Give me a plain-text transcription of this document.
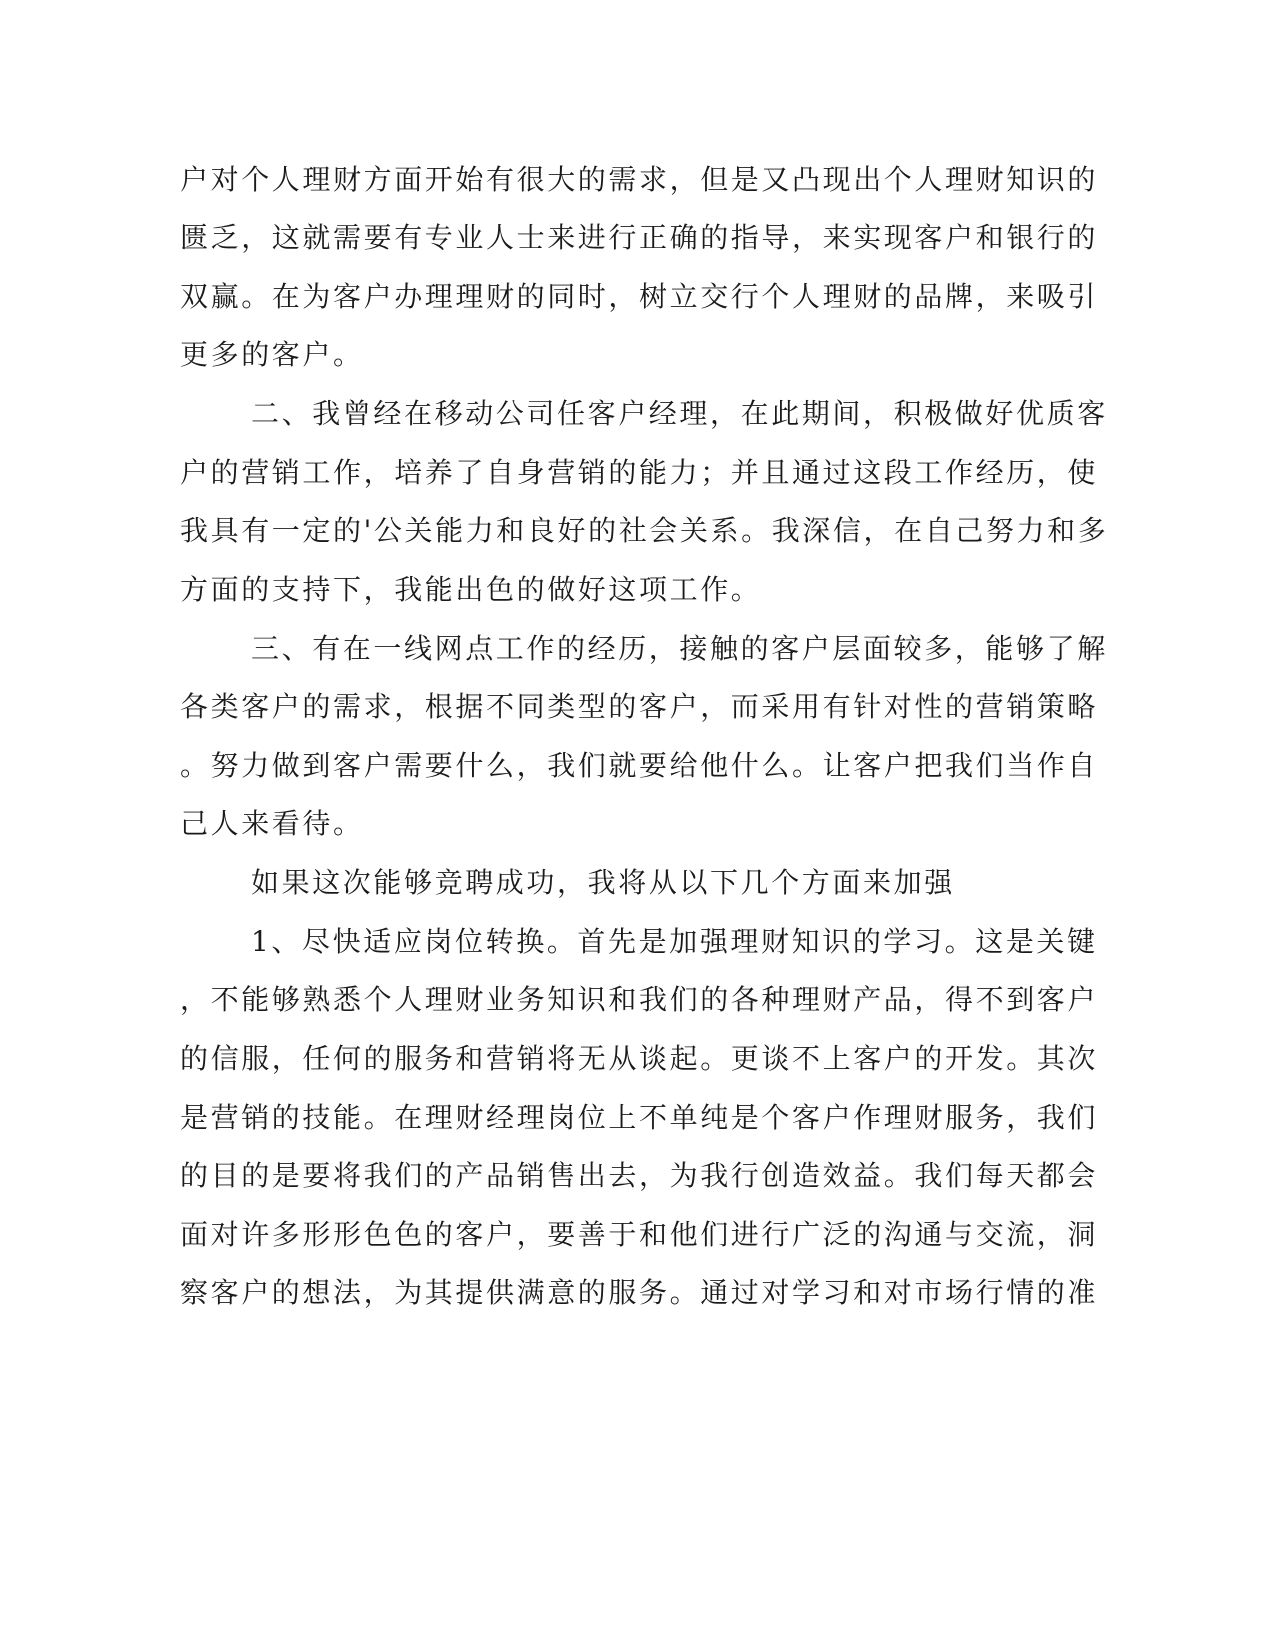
户对个人理财方面开始有很大的需求，但是又凸现出个人理财知识的
匮乏，这就需要有专业人士来进行正确的指导，来实现客户和银行的
双赢。在为客户办理理财的同时，树立交行个人理财的品牌，来吸引
更多的客户。
二、我曾经在移动公司任客户经理，在此期间，积极做好优质客
户的营销工作，培养了自身营销的能力；并且通过这段工作经历，使
我具有一定的'公关能力和良好的社会关系。我深信，在自己努力和多
方面的支持下，我能出色的做好这项工作。
三、有在一线网点工作的经历，接触的客户层面较多，能够了解
各类客户的需求，根据不同类型的客户，而采用有针对性的营销策略
。努力做到客户需要什么，我们就要给他什么。让客户把我们当作自
己人来看待。
如果这次能够竞聘成功，我将从以下几个方面来加强
1、尽快适应岗位转换。首先是加强理财知识的学习。这是关键
，不能够熟悉个人理财业务知识和我们的各种理财产品，得不到客户
的信服，任何的服务和营销将无从谈起。更谈不上客户的开发。其次
是营销的技能。在理财经理岗位上不单纯是个客户作理财服务，我们
的目的是要将我们的产品销售出去，为我行创造效益。我们每天都会
面对许多形形色色的客户，要善于和他们进行广泛的沟通与交流，洞
察客户的想法，为其提供满意的服务。通过对学习和对市场行情的准
